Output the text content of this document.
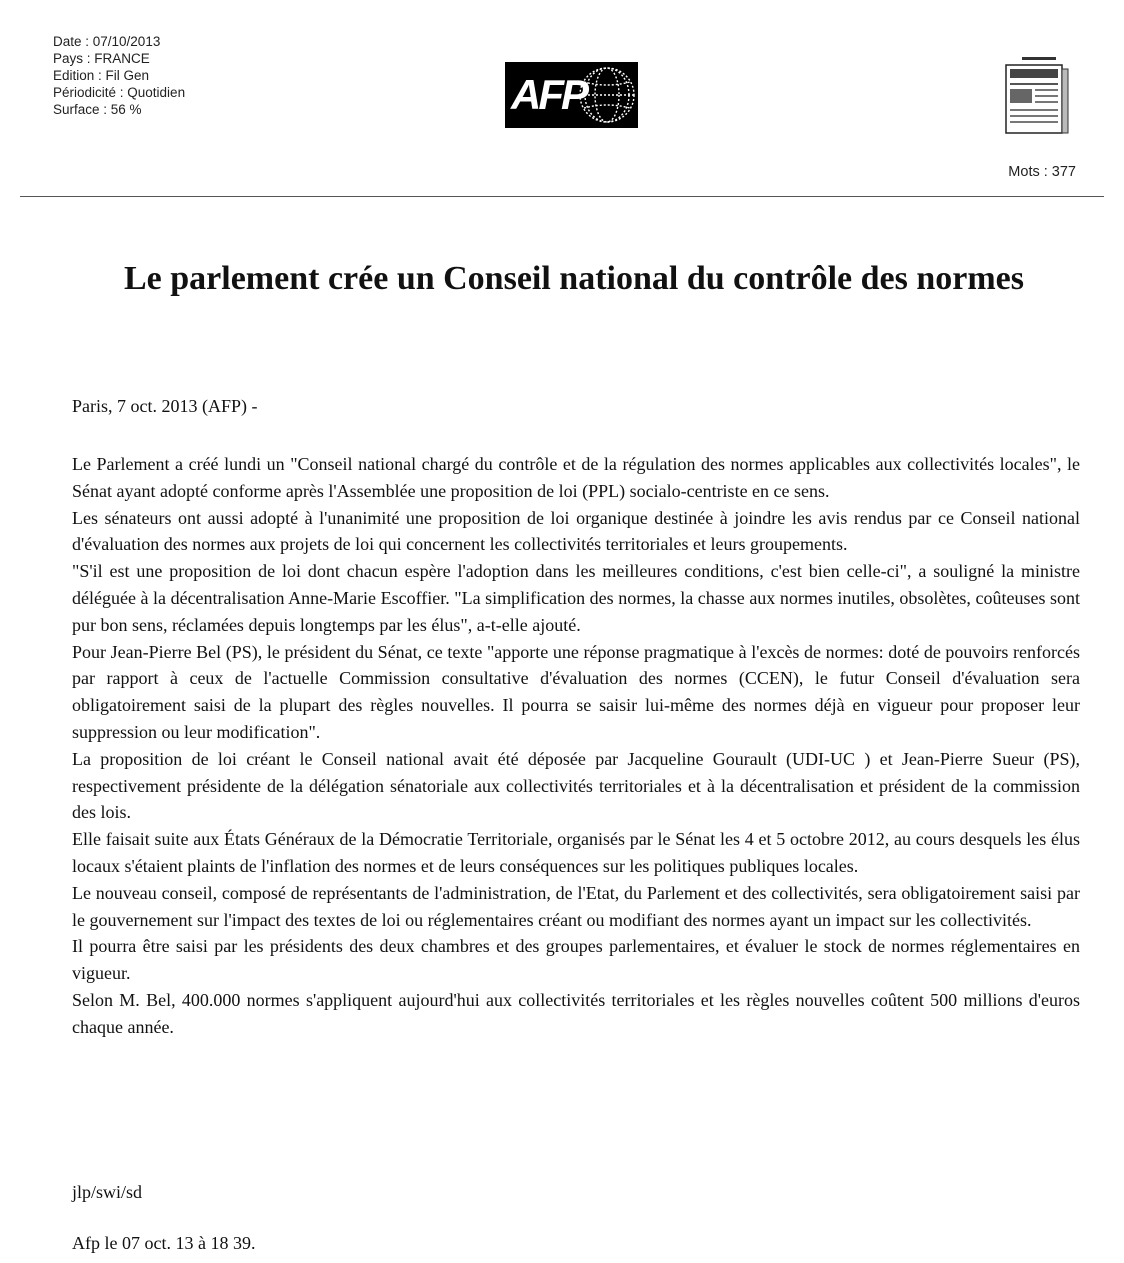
Date : 07/10/2013
Pays : FRANCE
Edition : Fil Gen
Périodicité : Quotidien
Surface : 56 %	AFP
Mots : 377
Le parlement crée un Conseil national du contrôle des normes
Paris, 7 oct. 2013 (AFP) -

Le Parlement a créé lundi un "Conseil national chargé du contrôle et de la régulation des normes applicables aux collectivités locales", le Sénat ayant adopté conforme après l'Assemblée une proposition de loi (PPL) socialo-centriste en ce sens.

Les sénateurs ont aussi adopté à l'unanimité une proposition de loi organique destinée à joindre les avis rendus par ce Conseil national d'évaluation des normes aux projets de loi qui concernent les collectivités territoriales et leurs groupements.

"S'il est une proposition de loi dont chacun espère l'adoption dans les meilleures conditions, c'est bien celle-ci", a souligné la ministre déléguée à la décentralisation Anne-Marie Escoffier. "La simplification des normes, la chasse aux normes inutiles, obsolètes, coûteuses sont pur bon sens, réclamées depuis longtemps par les élus", a-t-elle ajouté.

Pour Jean-Pierre Bel (PS), le président du Sénat, ce texte "apporte une réponse pragmatique à l'excès de normes: doté de pouvoirs renforcés par rapport à ceux de l'actuelle Commission consultative d'évaluation des normes (CCEN), le futur Conseil d'évaluation sera obligatoirement saisi de la plupart des règles nouvelles. Il pourra se saisir lui-même des normes déjà en vigueur pour proposer leur suppression ou leur modification".

La proposition de loi créant le Conseil national avait été déposée par Jacqueline Gourault (UDI-UC ) et Jean-Pierre Sueur (PS), respectivement présidente de la délégation sénatoriale aux collectivités territoriales et à la décentralisation et président de la commission des lois.

Elle faisait suite aux États Généraux de la Démocratie Territoriale, organisés par le Sénat les 4 et 5 octobre 2012, au cours desquels les élus locaux s'étaient plaints de l'inflation des normes et de leurs conséquences sur les politiques publiques locales.

Le nouveau conseil, composé de représentants de l'administration, de l'Etat, du Parlement et des collectivités, sera obligatoirement saisi par le gouvernement sur l'impact des textes de loi ou réglementaires créant ou modifiant des normes ayant un impact sur les collectivités.

Il pourra être saisi par les présidents des deux chambres et des groupes parlementaires, et évaluer le stock de normes réglementaires en vigueur.

Selon M. Bel, 400.000 normes s'appliquent aujourd'hui aux collectivités territoriales et les règles nouvelles coûtent 500 millions d'euros chaque année.

jlp/swi/sd
Afp le 07 oct. 13 à 18 39.
